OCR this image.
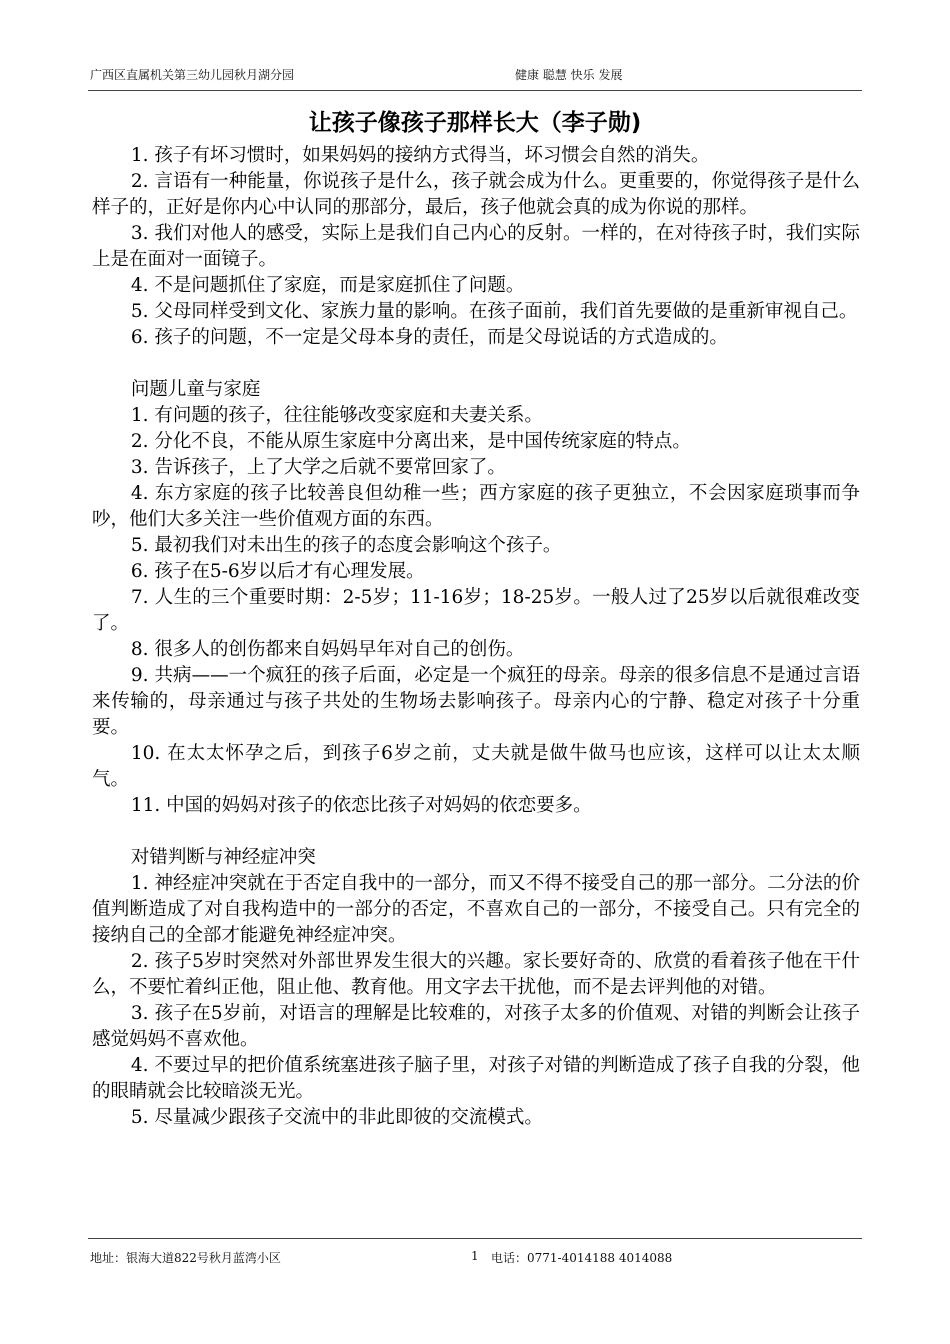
广西区直属机关第三幼儿园秋月湖分园	健康 聪慧 快乐 发展
让孩子像孩子那样长大（李子勋)

1. 孩子有坏习惯时，如果妈妈的接纳方式得当，坏习惯会自然的消失。

2. 言语有一种能量，你说孩子是什么，孩子就会成为什么。更重要的，你觉得孩子是什么样子的，正好是你内心中认同的那部分，最后，孩子他就会真的成为你说的那样。

3. 我们对他人的感受，实际上是我们自己内心的反射。一样的，在对待孩子时，我们实际上是在面对一面镜子。

4. 不是问题抓住了家庭，而是家庭抓住了问题。

5. 父母同样受到文化、家族力量的影响。在孩子面前，我们首先要做的是重新审视自己。

6. 孩子的问题，不一定是父母本身的责任，而是父母说话的方式造成的。

问题儿童与家庭

1. 有问题的孩子，往往能够改变家庭和夫妻关系。

2. 分化不良，不能从原生家庭中分离出来，是中国传统家庭的特点。

3. 告诉孩子，上了大学之后就不要常回家了。

4. 东方家庭的孩子比较善良但幼稚一些；西方家庭的孩子更独立，不会因家庭琐事而争吵，他们大多关注一些价值观方面的东西。

5. 最初我们对未出生的孩子的态度会影响这个孩子。

6. 孩子在5-6岁以后才有心理发展。

7. 人生的三个重要时期：2-5岁；11-16岁；18-25岁。一般人过了25岁以后就很难改变了。

8. 很多人的创伤都来自妈妈早年对自己的创伤。

9. 共病——一个疯狂的孩子后面，必定是一个疯狂的母亲。母亲的很多信息不是通过言语来传输的，母亲通过与孩子共处的生物场去影响孩子。母亲内心的宁静、稳定对孩子十分重要。

10. 在太太怀孕之后，到孩子6岁之前，丈夫就是做牛做马也应该，这样可以让太太顺气。

11. 中国的妈妈对孩子的依恋比孩子对妈妈的依恋要多。

对错判断与神经症冲突

1. 神经症冲突就在于否定自我中的一部分，而又不得不接受自己的那一部分。二分法的价值判断造成了对自我构造中的一部分的否定，不喜欢自己的一部分，不接受自己。只有完全的接纳自己的全部才能避免神经症冲突。

2. 孩子5岁时突然对外部世界发生很大的兴趣。家长要好奇的、欣赏的看着孩子他在干什么，不要忙着纠正他，阻止他、教育他。用文字去干扰他，而不是去评判他的对错。

3. 孩子在5岁前，对语言的理解是比较难的，对孩子太多的价值观、对错的判断会让孩子感觉妈妈不喜欢他。

4. 不要过早的把价值系统塞进孩子脑子里，对孩子对错的判断造成了孩子自我的分裂，他的眼睛就会比较暗淡无光。

5. 尽量减少跟孩子交流中的非此即彼的交流模式。

地址：银海大道822号秋月蓝湾小区	1 电话：0771-4014188 4014088
